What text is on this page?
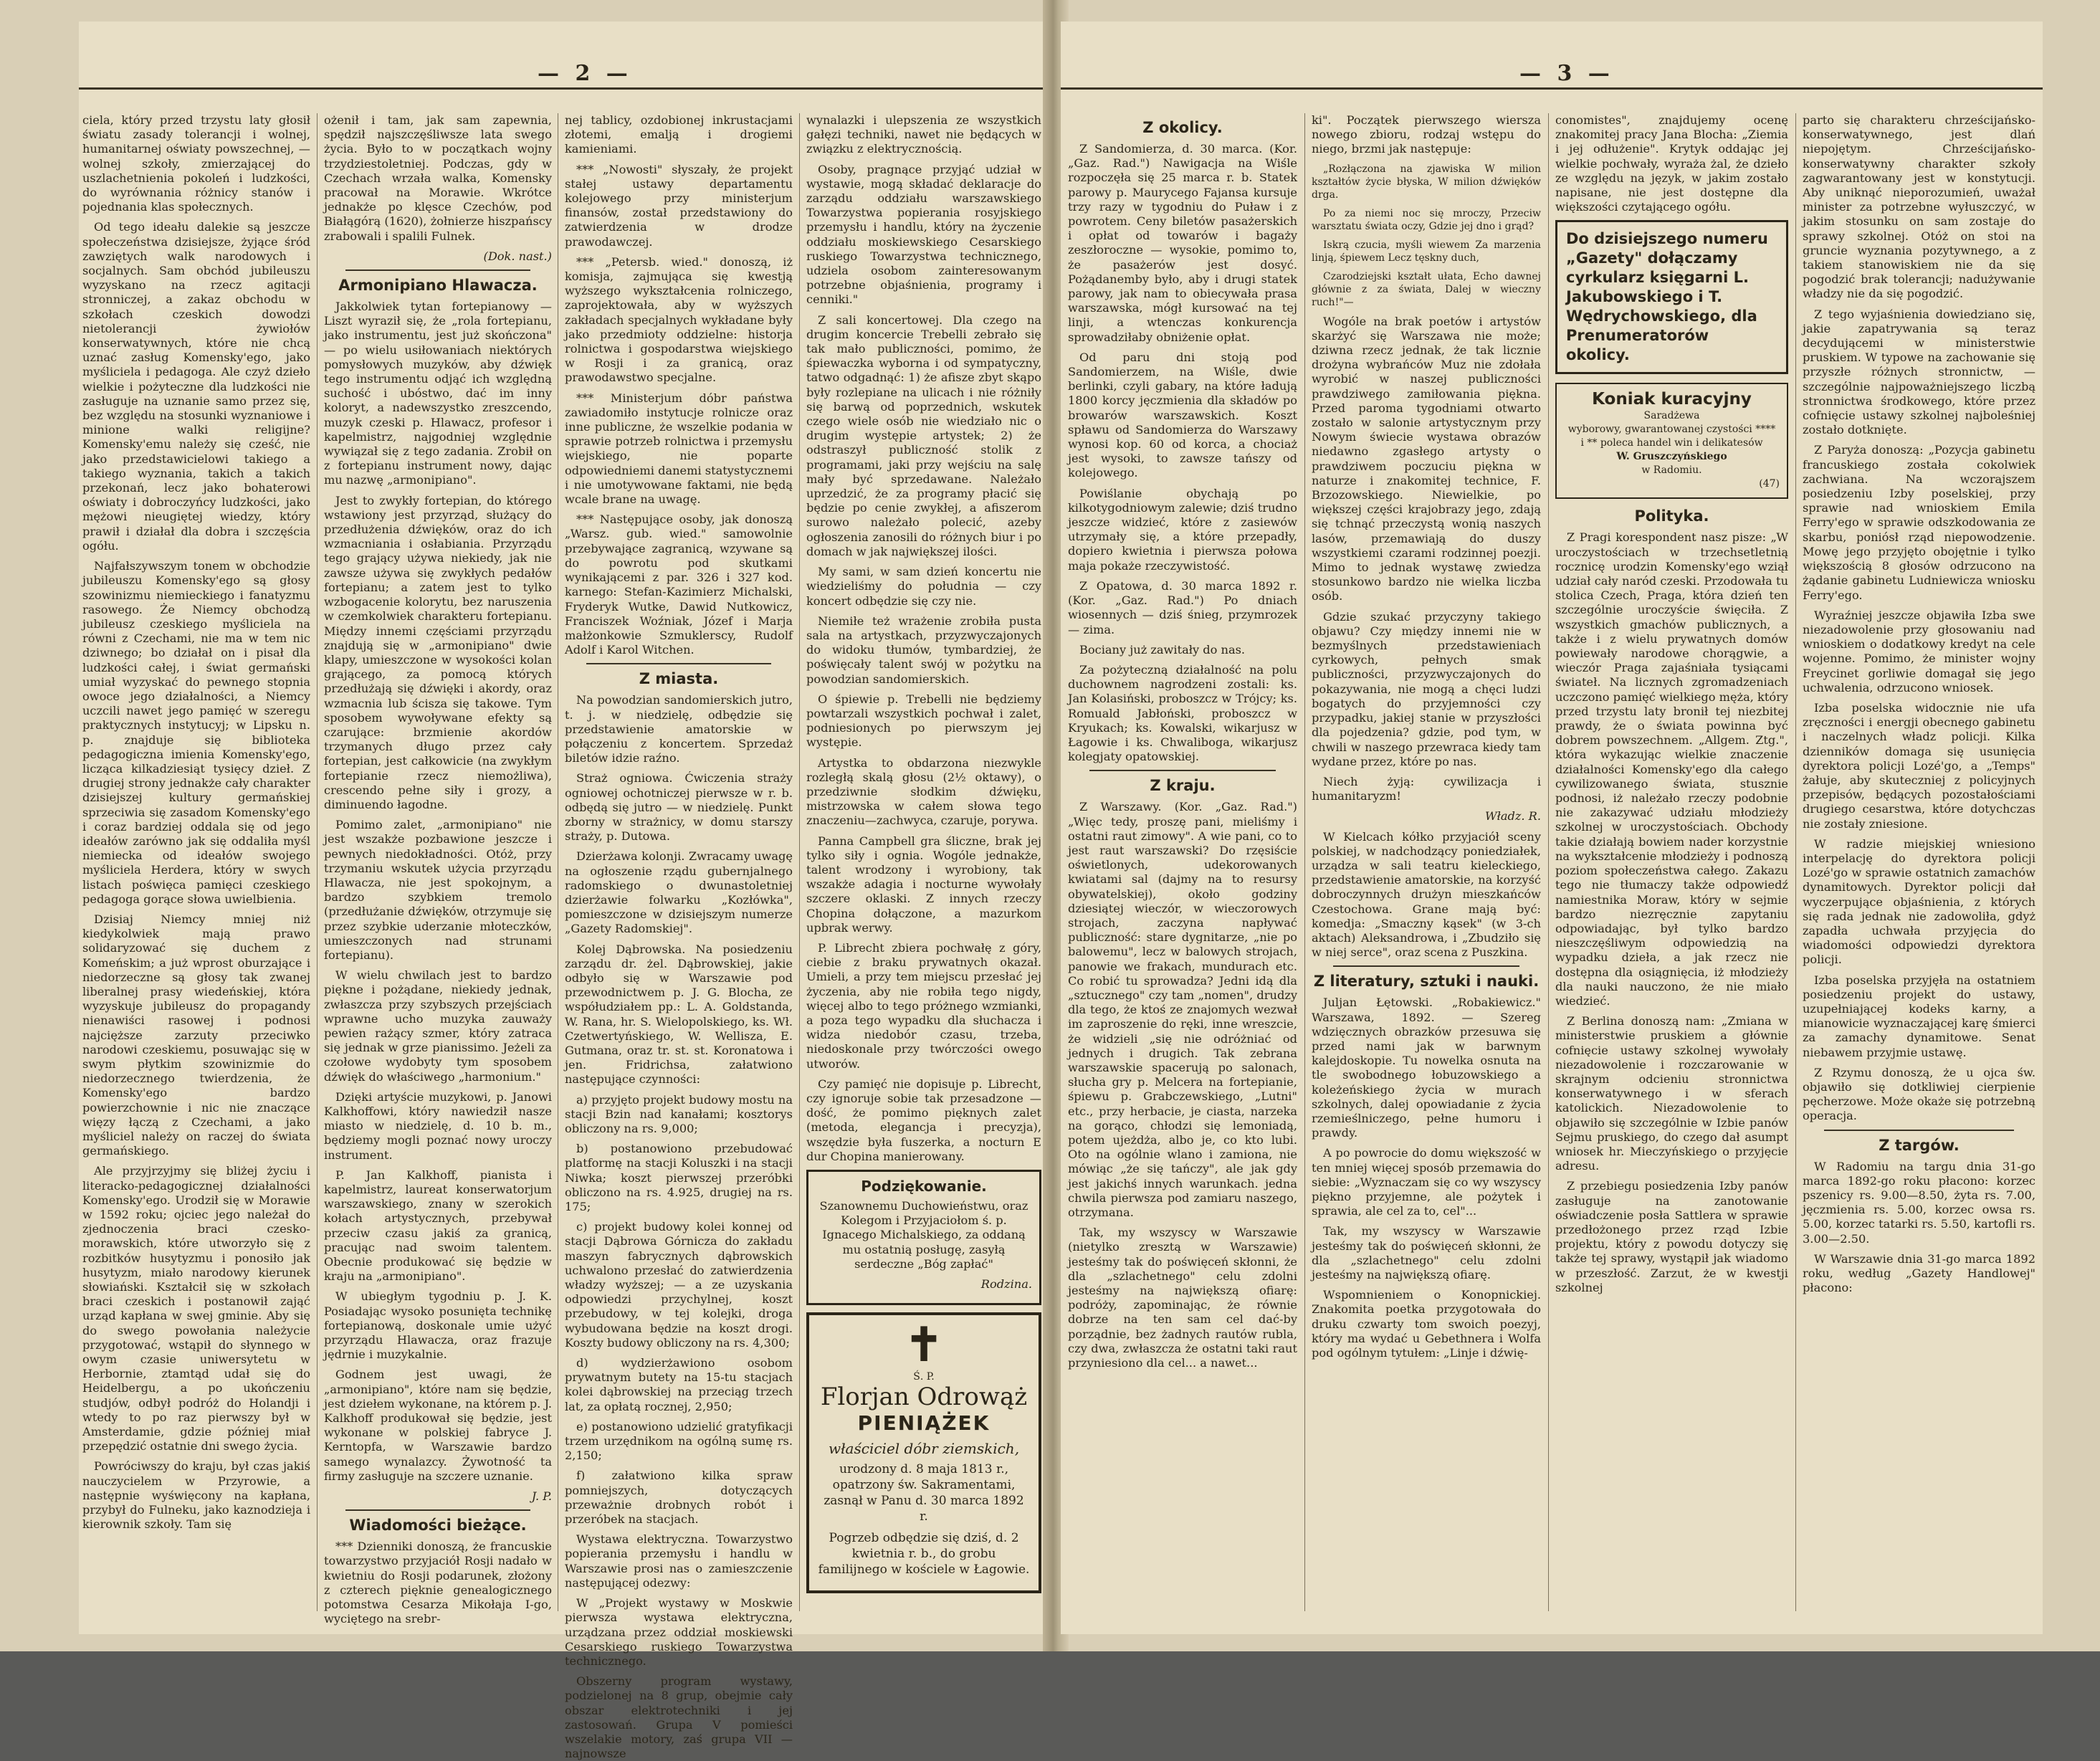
— 2 —

ciela, który przed trzystu laty głosił światu zasady tolerancji i wolnej, humanitarnej oświaty powszechnej, — wolnej szkoły, zmierzającej do uszlachetnienia pokoleń i ludzkości, do wyrównania różnicy stanów i pojednania klas społecznych.

Od tego ideału dalekie są jeszcze społeczeństwa dzisiejsze, żyjące śród zawziętych walk narodowych i socjalnych. Sam obchód jubileuszu wyzyskano na rzecz agitacji stronniczej, a zakaz obchodu w szkołach czeskich dowodzi nietolerancji żywiołów konserwatywnych, które nie chcą uznać zasług Komensky'ego, jako myśliciela i pedagoga. Ale czyż dzieło wielkie i pożyteczne dla ludzkości nie zasługuje na uznanie samo przez się, bez względu na stosunki wyznaniowe i minione walki religijne? Komensky'emu należy się cześć, nie jako przedstawicielowi takiego a takiego wyznania, takich a takich przekonań, lecz jako bohaterowi oświaty i dobroczyńcy ludzkości, jako mężowi nieugiętej wiedzy, który prawił i działał dla dobra i szczęścia ogółu.

Najfałszywszym tonem w obchodzie jubileuszu Komensky'ego są głosy szowinizmu niemieckiego i fanatyzmu rasowego. Że Niemcy obchodzą jubileusz czeskiego myśliciela na równi z Czechami, nie ma w tem nic dziwnego; bo działał on i pisał dla ludzkości całej, i świat germański umiał wyzyskać do pewnego stopnia owoce jego działalności, a Niemcy uczcili nawet jego pamięć w szeregu praktycznych instytucyj; w Lipsku n. p. znajduje się biblioteka pedagogiczna imienia Komensky'ego, licząca kilkadziesiąt tysięcy dzieł. Z drugiej strony jednakże cały charakter dzisiejszej kultury germańskiej sprzeciwia się zasadom Komensky'ego i coraz bardziej oddala się od jego ideałów zarówno jak się oddaliła myśl niemiecka od ideałów swojego myśliciela Herdera, który w swych listach poświęca pamięci czeskiego pedagoga gorące słowa uwielbienia.

Dzisiaj Niemcy mniej niż kiedykolwiek mają prawo solidaryzować się duchem z Komeńskim; a już wprost oburzające i niedorzeczne są głosy tak zwanej liberalnej prasy wiedeńskiej, która wyzyskuje jubileusz do propagandy nienawiści rasowej i podnosi najcięższe zarzuty przeciwko narodowi czeskiemu, posuwając się w swym płytkim szowinizmie do niedorzecznego twierdzenia, że Komensky'ego bardzo powierzchownie i nic nie znaczące więzy łączą z Czechami, a jako myśliciel należy on raczej do świata germańskiego.

Ale przyjrzyjmy się bliżej życiu i literacko-pedagogicznej działalności Komensky'ego. Urodził się w Morawie w 1592 roku; ojciec jego należał do zjednoczenia braci czesko-morawskich, które utworzyło się z rozbitków husytyzmu i ponosiło jak husytyzm, miało narodowy kierunek słowiański. Kształcił się w szkołach braci czeskich i postanowił zająć urząd kapłana w swej gminie. Aby się do swego powołania należycie przygotować, wstąpił do słynnego w owym czasie uniwersytetu w Herbornie, ztamtąd udał się do Heidelbergu, a po ukończeniu studjów, odbył podróż do Holandji i wtedy to po raz pierwszy był w Amsterdamie, gdzie później miał przepędzić ostatnie dni swego życia.

Powróciwszy do kraju, był czas jakiś nauczycielem w Przyrowie, a następnie wyświęcony na kapłana, przybył do Fulneku, jako kaznodzieja i kierownik szkoły. Tam się

ożenił i tam, jak sam zapewnia, spędził najszczęśliwsze lata swego życia. Było to w początkach wojny trzydziestoletniej. Podczas, gdy w Czechach wrzała walka, Komensky pracował na Morawie. Wkrótce jednakże po klęsce Czechów, pod Białągórą (1620), żołnierze hiszpańscy zrabowali i spalili Fulnek.

(Dok. nast.)

Armonipiano Hlawacza.

Jakkolwiek tytan fortepianowy — Liszt wyraził się, że „rola fortepianu, jako instrumentu, jest już skończona" — po wielu usiłowaniach niektórych pomysłowych muzyków, aby dźwięk tego instrumentu odjąć ich względną suchość i ubóstwo, dać im inny koloryt, a nadewszystko zreszcendo, muzyk czeski p. Hlawacz, profesor i kapelmistrz, najgodniej względnie wywiązał się z tego zadania. Zrobił on z fortepianu instrument nowy, dając mu nazwę „armonipiano".

Jest to zwykły fortepian, do którego wstawiony jest przyrząd, służący do przedłużenia dźwięków, oraz do ich wzmacniania i osłabiania. Przyrządu tego grający używa niekiedy, jak nie zawsze używa się zwykłych pedałów fortepianu; a zatem jest to tylko wzbogacenie kolorytu, bez naruszenia w czemkolwiek charakteru fortepianu. Między innemi częściami przyrządu znajdują się w „armonipiano" dwie klapy, umieszczone w wysokości kolan grającego, za pomocą których przedłużają się dźwięki i akordy, oraz wzmacnia lub ścisza się takowe. Tym sposobem wywoływane efekty są czarujące: brzmienie akordów trzymanych długo przez cały fortepian, jest całkowicie (na zwykłym fortepianie rzecz niemożliwa), crescendo pełne siły i grozy, a diminuendo łagodne.

Pomimo zalet, „armonipiano" nie jest wszakże pozbawione jeszcze i pewnych niedokładności. Otóż, przy trzymaniu wskutek użycia przyrządu Hlawacza, nie jest spokojnym, a bardzo szybkiem tremolo (przedłużanie dźwięków, otrzymuje się przez szybkie uderzanie młoteczków, umieszczonych nad strunami fortepianu).

W wielu chwilach jest to bardzo piękne i pożądane, niekiedy jednak, zwłaszcza przy szybszych przejściach wprawne ucho muzyka zauważy pewien rażący szmer, który zatraca się jednak w grze pianissimo. Jeżeli za czołowe wydobyty tym sposobem dźwięk do właściwego „harmonium."

Dzięki artyście muzykowi, p. Janowi Kalkhoffowi, który nawiedził nasze miasto w niedzielę, d. 10 b. m., będziemy mogli poznać nowy uroczy instrument.

P. Jan Kalkhoff, pianista i kapelmistrz, laureat konserwatorjum warszawskiego, znany w szerokich kołach artystycznych, przebywał przeciw czasu jakiś za granicą, pracując nad swoim talentem. Obecnie produkować się będzie w kraju na „armonipiano".

W ubiegłym tygodniu p. J. K. Posiadając wysoko posunięta technikę fortepianową, doskonale umie użyć przyrządu Hlawacza, oraz frazuje jędrnie i muzykalnie.

Godnem jest uwagi, że „armonipiano", które nam się będzie, jest dziełem wykonane, na którem p. J. Kalkhoff produkował się będzie, jest wykonane w polskiej fabryce J. Kerntopfa, w Warszawie bardzo samego wynalazcy. Żywotność ta firmy zasługuje na szczere uznanie.

J. P.

Wiadomości bieżące.

*** Dzienniki donoszą, że francuskie towarzystwo przyjaciół Rosji nadało w kwietniu do Rosji podarunek, złożony z czterech pięknie genealogicznego potomstwa Cesarza Mikołaja I-go, wyciętego na srebr-

nej tablicy, ozdobionej inkrustacjami złotemi, emalją i drogiemi kamieniami.

*** „Nowosti" słyszały, że projekt stałej ustawy departamentu kolejowego przy ministerjum finansów, został przedstawiony do zatwierdzenia w drodze prawodawczej.

*** „Petersb. wied." donoszą, iż komisja, zajmująca się kwestją wyższego wykształcenia rolniczego, zaprojektowała, aby w wyższych zakładach specjalnych wykładane były jako przedmioty oddzielne: historja rolnictwa i gospodarstwa wiejskiego w Rosji i za granicą, oraz prawodawstwo specjalne.

*** Ministerjum dóbr państwa zawiadomiło instytucje rolnicze oraz inne publiczne, że wszelkie podania w sprawie potrzeb rolnictwa i przemysłu wiejskiego, nie poparte odpowiedniemi danemi statystycznemi i nie umotywowane faktami, nie będą wcale brane na uwagę.

*** Następujące osoby, jak donoszą „Warsz. gub. wied." samowolnie przebywające zagranicą, wzywane są do powrotu pod skutkami wynikającemi z par. 326 i 327 kod. karnego: Stefan-Kazimierz Michalski, Fryderyk Wutke, Dawid Nutkowicz, Franciszek Woźniak, Józef i Marja małżonkowie Szmuklerscy, Rudolf Adolf i Karol Witchen.

Z miasta.

Na powodzian sandomierskich jutro, t. j. w niedzielę, odbędzie się przedstawienie amatorskie w połączeniu z koncertem. Sprzedaż biletów idzie raźno.

Straż ogniowa. Ćwiczenia straży ogniowej ochotniczej pierwsze w r. b. odbędą się jutro — w niedzielę. Punkt zborny w strażnicy, w domu starszy straży, p. Dutowa.

Dzierżawa kolonji. Zwracamy uwagę na ogłoszenie rządu gubernjalnego radomskiego o dwunastoletniej dzierżawie folwarku „Kozłówka", pomieszczone w dzisiejszym numerze „Gazety Radomskiej".

Kolej Dąbrowska. Na posiedzeniu zarządu dr. żel. Dąbrowskiej, jakie odbyło się w Warszawie pod przewodnictwem p. J. G. Blocha, ze współudziałem pp.: L. A. Goldstanda, W. Rana, hr. S. Wielopolskiego, ks. Wł. Czetwertyńskiego, W. Wellisza, E. Gutmana, oraz tr. st. st. Koronatowa i jen. Fridrichsa, załatwiono następujące czynności:

a) przyjęto projekt budowy mostu na stacji Bzin nad kanałami; kosztorys obliczony na rs. 9,000;

b) postanowiono przebudować platformę na stacji Koluszki i na stacji Niwka; koszt pierwszej przeróbki obliczono na rs. 4.925, drugiej na rs. 175;

c) projekt budowy kolei konnej od stacji Dąbrowa Górnicza do zakładu maszyn fabrycznych dąbrowskich uchwalono przesłać do zatwierdzenia władzy wyższej; — a ze uzyskania odpowiedzi przychylnej, koszt przebudowy, w tej kolejki, droga wybudowana będzie na koszt drogi. Koszty budowy obliczony na rs. 4,300;

d) wydzierżawiono osobom prywatnym butety na 15-tu stacjach kolei dąbrowskiej na przeciąg trzech lat, za opłatą rocznej, 2,950;

e) postanowiono udzielić gratyfikacji trzem urzędnikom na ogólną sumę rs. 2,150;

f) załatwiono kilka spraw pomniejszych, dotyczących przeważnie drobnych robót i przeróbek na stacjach.

Wystawa elektryczna. Towarzystwo popierania przemysłu i handlu w Warszawie prosi nas o zamieszczenie następującej odezwy:

W „Projekt wystawy w Moskwie pierwsza wystawa elektryczna, urządzana przez oddział moskiewski Cesarskiego ruskiego Towarzystwa technicznego.

Obszerny program wystawy, podzielonej na 8 grup, obejmie cały obszar elektrotechniki i jej zastosowań. Grupa V pomieści wszelakie motory, zaś grupa VII — najnowsze

wynalazki i ulepszenia ze wszystkich gałęzi techniki, nawet nie będących w związku z elektrycznością.

Osoby, pragnące przyjąć udział w wystawie, mogą składać deklaracje do zarządu oddziału warszawskiego Towarzystwa popierania rosyjskiego przemysłu i handlu, który na życzenie oddziału moskiewskiego Cesarskiego ruskiego Towarzystwa technicznego, udziela osobom zainteresowanym potrzebne objaśnienia, programy i cenniki."

Z sali koncertowej. Dla czego na drugim koncercie Trebelli zebrało się tak mało publiczności, pomimo, że śpiewaczka wyborna i od sympatyczny, tatwo odgadnąć: 1) że afisze zbyt skąpo były rozlepiane na ulicach i nie różniły się barwą od poprzednich, wskutek czego wiele osób nie wiedziało nic o drugim występie artystek; 2) że odstraszył publiczność stolik z programami, jaki przy wejściu na salę mały być sprzedawane. Należało uprzedzić, że za programy płacić się będzie po cenie zwykłej, a afiszerom surowo należało polecić, azeby ogłoszenia zanosili do różnych biur i po domach w jak największej ilości.

My sami, w sam dzień koncertu nie wiedzieliśmy do południa — czy koncert odbędzie się czy nie.

Niemiłe też wrażenie zrobiła pusta sala na artystkach, przyzwyczajonych do widoku tłumów, tymbardziej, że poświęcały talent swój w pożytku na powodzian sandomierskich.

O śpiewie p. Trebelli nie będziemy powtarzali wszystkich pochwał i zalet, podniesionych po pierwszym jej występie.

Artystka to obdarzona niezwykle rozległą skalą głosu (2½ oktawy), o przedziwnie słodkim dźwięku, mistrzowska w całem słowa tego znaczeniu—zachwyca, czaruje, porywa.

Panna Campbell gra śliczne, brak jej tylko siły i ognia. Wogóle jednakże, talent wrodzony i wyrobiony, tak wszakże adagia i nocturne wywołały szczere oklaski. Z innych rzeczy Chopina dołączone, a mazurkom upbrak werwy.

P. Librecht zbiera pochwałę z góry, ciebie z braku prywatnych okazał. Umieli, a przy tem miejscu przesłać jej życzenia, aby nie robiła tego nigdy, więcej albo to tego próżnego wzmianki, a poza tego wypadku dla słuchacza i widza niedobór czasu, trzeba, niedoskonale przy twórczości owego utworów.

Czy pamięć nie dopisuje p. Librecht, czy ignoruje sobie tak przesadzone — dość, że pomimo pięknych zalet (metoda, elegancja i precyzja), wszędzie była fuszerka, a nocturn E dur Chopina manierowany.

Podziękowanie.

Szanownemu Duchowieństwu, oraz Kolegom i Przyjaciołom ś. p. Ignacego Michalskiego, za oddaną mu ostatnią posługę, zasyłą serdeczne „Bóg zapłać"

Rodzina.

✝
Ś. P.
Florjan Odrowąż
PIENIĄŻEK
właściciel dóbr ziemskich,

urodzony d. 8 maja 1813 r., opatrzony św. Sakramentami, zasnął w Panu d. 30 marca 1892 r.

Pogrzeb odbędzie się dziś, d. 2 kwietnia r. b., do grobu familijnego w kościele w Łagowie.

— 3 —
Z okolicy.

Z Sandomierza, d. 30 marca. (Kor. „Gaz. Rad.") Nawigacja na Wiśle rozpoczęła się 25 marca r. b. Statek parowy p. Maurycego Fajansa kursuje trzy razy w tygodniu do Puław i z powrotem. Ceny biletów pasażerskich i opłat od towarów i bagaży zeszłoroczne — wysokie, pomimo to, że pasażerów jest dosyć. Pożądanemby było, aby i drugi statek parowy, jak nam to obiecywała prasa warszawska, mógł kursować na tej linji, a wtenczas konkurencja sprowadziłaby obniżenie opłat.

Od paru dni stoją pod Sandomierzem, na Wiśle, dwie berlinki, czyli gabary, na które ładują 1800 korcy jęczmienia dla składów po browarów warszawskich. Koszt spławu od Sandomierza do Warszawy wynosi kop. 60 od korca, a chociaż jest wysoki, to zawsze tańszy od kolejowego.

Powiślanie obychają po kilkotygodniowym zalewie; dziś trudno jeszcze widzieć, które z zasiewów utrzymały się, a które przepadły, dopiero kwietnia i pierwsza połowa maja pokaże rzeczywistość.

Z Opatowa, d. 30 marca 1892 r. (Kor. „Gaz. Rad.") Po dniach wiosennych — dziś śnieg, przymrozek — zima.

Bociany już zawitały do nas.

Za pożyteczną działalność na polu duchownem nagrodzeni zostali: ks. Jan Kolasiński, proboszcz w Trójcy; ks. Romuald Jabłoński, proboszcz w Kryukach; ks. Kowalski, wikarjusz w Łagowie i ks. Chwaliboga, wikarjusz kolegjaty opatowskiej.

Z kraju.

Z Warszawy. (Kor. „Gaz. Rad.") „Więc tedy, proszę pani, mieliśmy i ostatni raut zimowy". A wie pani, co to jest raut warszawski? Do rzęsiście oświetlonych, udekorowanych kwiatami sal (dajmy na to resursy obywatelskiej), około godziny dziesiątej wieczór, w wieczorowych strojach, zaczyna napływać publiczność: stare dygnitarze, „nie po balowemu", lecz w balowych strojach, panowie we frakach, mundurach etc. Co robić tu sprowadza? Jedni idą dla „sztucznego" czy tam „nomen", drudzy dla tego, że ktoś ze znajomych wezwał im zaproszenie do ręki, inne wreszcie, że widzieli „się nie odróżniać od jednych i drugich. Tak zebrana warszawskie spacerują po salonach, słucha gry p. Melcera na fortepianie, śpiewu p. Grabczewskiego, „Lutni" etc., przy herbacie, je ciasta, narzeka na gorąco, chłodzi się lemoniadą, potem ujeżdża, albo je, co kto lubi. Oto na ogólnie wlano i zamiona, nie mówiąc „że się tańczy", ale jak gdy jest jakichś innych warunkach. jedna chwila pierwsza pod zamiaru naszego, otrzymana.

Tak, my wszyscy w Warszawie (nietylko zresztą w Warszawie) jesteśmy tak do poświęceń skłonni, że dla „szlachetnego" celu zdolni jesteśmy na największą ofiarę: podróży, zapominając, że równie dobrze na ten sam cel dać-by porządnie, bez żadnych rautów rubla, czy dwa, zwłaszcza że ostatni taki raut przyniesiono dla cel... a nawet...

ki". Początek pierwszego wiersza nowego zbioru, rodzaj wstępu do niego, brzmi jak następuje:

„Rozłączona na zjawiska W milion kształtów życie błyska, W milion dźwięków drga.

Po za niemi noc się mroczy, Przeciw warsztatu świata oczy, Gdzie jej dno i grąd?

Iskrą czucia, myśli wiewem Za marzenia linją, śpiewem Lecz tęskny duch,

Czarodziejski kształt ułata, Echo dawnej głównie z za świata, Dalej w wieczny ruch!"—

Wogóle na brak poetów i artystów skarżyć się Warszawa nie może; dziwna rzecz jednak, że tak licznie drożyna wybrańców Muz nie zdołała wyrobić w naszej publiczności prawdziwego zamiłowania piękna. Przed paroma tygodniami otwarto zostało w salonie artystycznym przy Nowym świecie wystawa obrazów niedawno zgasłego artysty o prawdziwem poczuciu piękna w naturze i znakomitej technice, F. Brzozowskiego. Niewielkie, po większej części krajobrazy jego, zdają się tchnąć przeczystą wonią naszych lasów, przemawiają do duszy wszystkiemi czarami rodzinnej poezji. Mimo to jednak wystawę zwiedza stosunkowo bardzo nie wielka liczba osób.

Gdzie szukać przyczyny takiego objawu? Czy między innemi nie w bezmyślnych przedstawieniach cyrkowych, pełnych smak publiczności, przyzwyczajonych do pokazywania, nie mogą a chęci ludzi bogatych do przyjemności czy przypadku, jakiej stanie w przyszłości dla pojedzenia? gdzie, pod tym, w chwili w naszego przewraca kiedy tam wydane przez, które po nas.

Niech żyją: cywilizacja i humanitaryzm!

Władz. R.

W Kielcach kółko przyjaciół sceny polskiej, w nadchodzący poniedziałek, urządza w sali teatru kieleckiego, przedstawienie amatorskie, na korzyść dobroczynnych drużyn mieszkańców Czestochowa. Grane mają być: komedja: „Smaczny kąsek" (w 3-ch aktach) Aleksandrowa, i „Zbudziło się w niej serce", oraz scena z Puszkina.

Z literatury, sztuki i nauki.

Juljan Łętowski. „Robakiewicz." Warszawa, 1892. — Szereg wdzięcznych obrazków przesuwa się przed nami jak w barwnym kalejdoskopie. Tu nowelka osnuta na tle swobodnego łobuzowskiego a koleżeńskiego życia w murach szkolnych, dalej opowiadanie z życia rzemieślniczego, pełne humoru i prawdy.

A po powrocie do domu większość w ten mniej więcej sposób przemawia do siebie: „Wyznaczam się co wy wszyscy piękno przyjemne, ale pożytek i sprawia, ale cel za to, cel"...

Tak, my wszyscy w Warszawie jesteśmy tak do poświęceń skłonni, że dla „szlachetnego" celu zdolni jesteśmy na największą ofiarę.

Wspomnieniem o Konopnickiej. Znakomita poetka przygotowała do druku czwarty tom swoich poezyj, który ma wydać u Gebethnera i Wolfa pod ogólnym tytułem: „Linje i dźwię-

conomistes", znajdujemy ocenę znakomitej pracy Jana Blocha: „Ziemia i jej odłużenie". Krytyk oddając jej wielkie pochwały, wyraża żal, że dzieło ze względu na język, w jakim zostało napisane, nie jest dostępne dla większości czytającego ogółu.

Do dzisiejszego numeru „Gazety" dołączamy cyrkularz księgarni L. Jakubowskiego i T. Wędrychowskiego, dla Prenumeratorów okolicy.
Koniak kuracyjny

Saradżewa

wyborowy, gwarantowanej czystości ****

i ** poleca handel win i delikatesów

W. Gruszczyńskiego

w Radomiu.

(47)

Polityka.

Z Pragi korespondent nasz pisze: „W uroczystościach w trzechsetletnią rocznicę urodzin Komensky'ego wziął udział cały naród czeski. Przodowała tu stolica Czech, Praga, która dzień ten szczególnie uroczyście święciła. Z wszystkich gmachów publicznych, a także i z wielu prywatnych domów powiewały narodowe chorągwie, a wieczór Praga zajaśniała tysiącami świateł. Na licznych zgromadzeniach uczczono pamięć wielkiego męża, który przed trzystu laty bronił tej niezbitej prawdy, że o świata powinna być dobrem powszechnem. „Allgem. Ztg.", która wykazując wielkie znaczenie działalności Komensky'ego dla całego cywilizowanego świata, stusznie podnosi, iż należało rzeczy podobnie nie zakazywać udziału młodzieży szkolnej w uroczystościach. Obchody takie działają bowiem nader korzystnie na wykształcenie młodzieży i podnoszą poziom społeczeństwa całego. Zakazu tego nie tłumaczy także odpowiedź namiestnika Moraw, który w sejmie bardzo niezręcznie zapytaniu odpowiadając, był tylko bardzo nieszczęśliwym odpowiedzią na wypadku dzieła, a jak rzecz nie dostępna dla osiągnięcia, iż młodzieży dla nauki nauczono, że nie miało wiedzieć.

Z Berlina donoszą nam: „Zmiana w ministerstwie pruskiem a głównie cofnięcie ustawy szkolnej wywołały niezadowolenie i rozczarowanie w skrajnym odcieniu stronnictwa konserwatywnego i w sferach katolickich. Niezadowolenie to objawiło się szczególnie w Izbie panów Sejmu pruskiego, do czego dał asumpt wniosek hr. Mieczyńskiego o przyjęcie adresu.

Z przebiegu posiedzenia Izby panów zasługuje na zanotowanie oświadczenie posła Sattlera w sprawie przedłożonego przez rząd Izbie projektu, który z powodu dotyczy się także tej sprawy, wystąpił jak wiadomo w przeszłość. Zarzut, że w kwestji szkolnej

parto się charakteru chrześcijańsko-konserwatywnego, jest dlań niepojętym. Chrześcijańsko-konserwatywny charakter szkoły zagwarantowany jest w konstytucji. Aby uniknąć nieporozumień, uważał minister za potrzebne wyłuszczyć, w jakim stosunku on sam zostaje do sprawy szkolnej. Otóż on stoi na gruncie wyznania pozytywnego, a z takiem stanowiskiem nie da się pogodzić brak tolerancji; nadużywanie władzy nie da się pogodzić.

Z tego wyjaśnienia dowiedziano się, jakie zapatrywania są teraz decydującemi w ministerstwie pruskiem. W typowe na zachowanie się przyszłe różnych stronnictw, — szczególnie najpoważniejszego liczbą stronnictwa środkowego, które przez cofnięcie ustawy szkolnej najboleśniej zostało dotknięte.

Z Paryża donoszą: „Pozycja gabinetu francuskiego została cokolwiek zachwiana. Na wczorajszem posiedzeniu Izby poselskiej, przy sprawie nad wnioskiem Emila Ferry'ego w sprawie odszkodowania ze skarbu, poniósł rząd niepowodzenie. Mowę jego przyjęto obojętnie i tylko większością 8 głosów odrzucono na żądanie gabinetu Ludniewicza wniosku Ferry'ego.

Wyraźniej jeszcze objawiła Izba swe niezadowolenie przy głosowaniu nad wnioskiem o dodatkowy kredyt na cele wojenne. Pomimo, że minister wojny Freycinet gorliwie domagał się jego uchwalenia, odrzucono wniosek.

Izba poselska widocznie nie ufa zręczności i energji obecnego gabinetu i naczelnych władz policji. Kilka dzienników domaga się usunięcia dyrektora policji Lozé'go, a „Temps" żałuje, aby skuteczniej z policyjnych przepisów, będących pozostałościami drugiego cesarstwa, które dotychczas nie zostały zniesione.

W radzie miejskiej wniesiono interpelację do dyrektora policji Lozé'go w sprawie ostatnich zamachów dynamitowych. Dyrektor policji dał wyczerpujące objaśnienia, z których się rada jednak nie zadowoliła, gdyż zapadła uchwała przyjęcia do wiadomości odpowiedzi dyrektora policji.

Izba poselska przyjęła na ostatniem posiedzeniu projekt do ustawy, uzupełniającej kodeks karny, a mianowicie wyznaczającej karę śmierci za zamachy dynamitowe. Senat niebawem przyjmie ustawę.

Z Rzymu donoszą, że u ojca św. objawiło się dotkliwiej cierpienie pęcherzowe. Może okaże się potrzebną operacja.

Z targów.

W Radomiu na targu dnia 31-go marca 1892-go roku płacono: korzec pszenicy rs. 9.00—8.50, żyta rs. 7.00, jęczmienia rs. 5.00, korzec owsa rs. 5.00, korzec tatarki rs. 5.50, kartofli rs. 3.00—2.50.

W Warszawie dnia 31-go marca 1892 roku, według „Gazety Handlowej" płacono:
